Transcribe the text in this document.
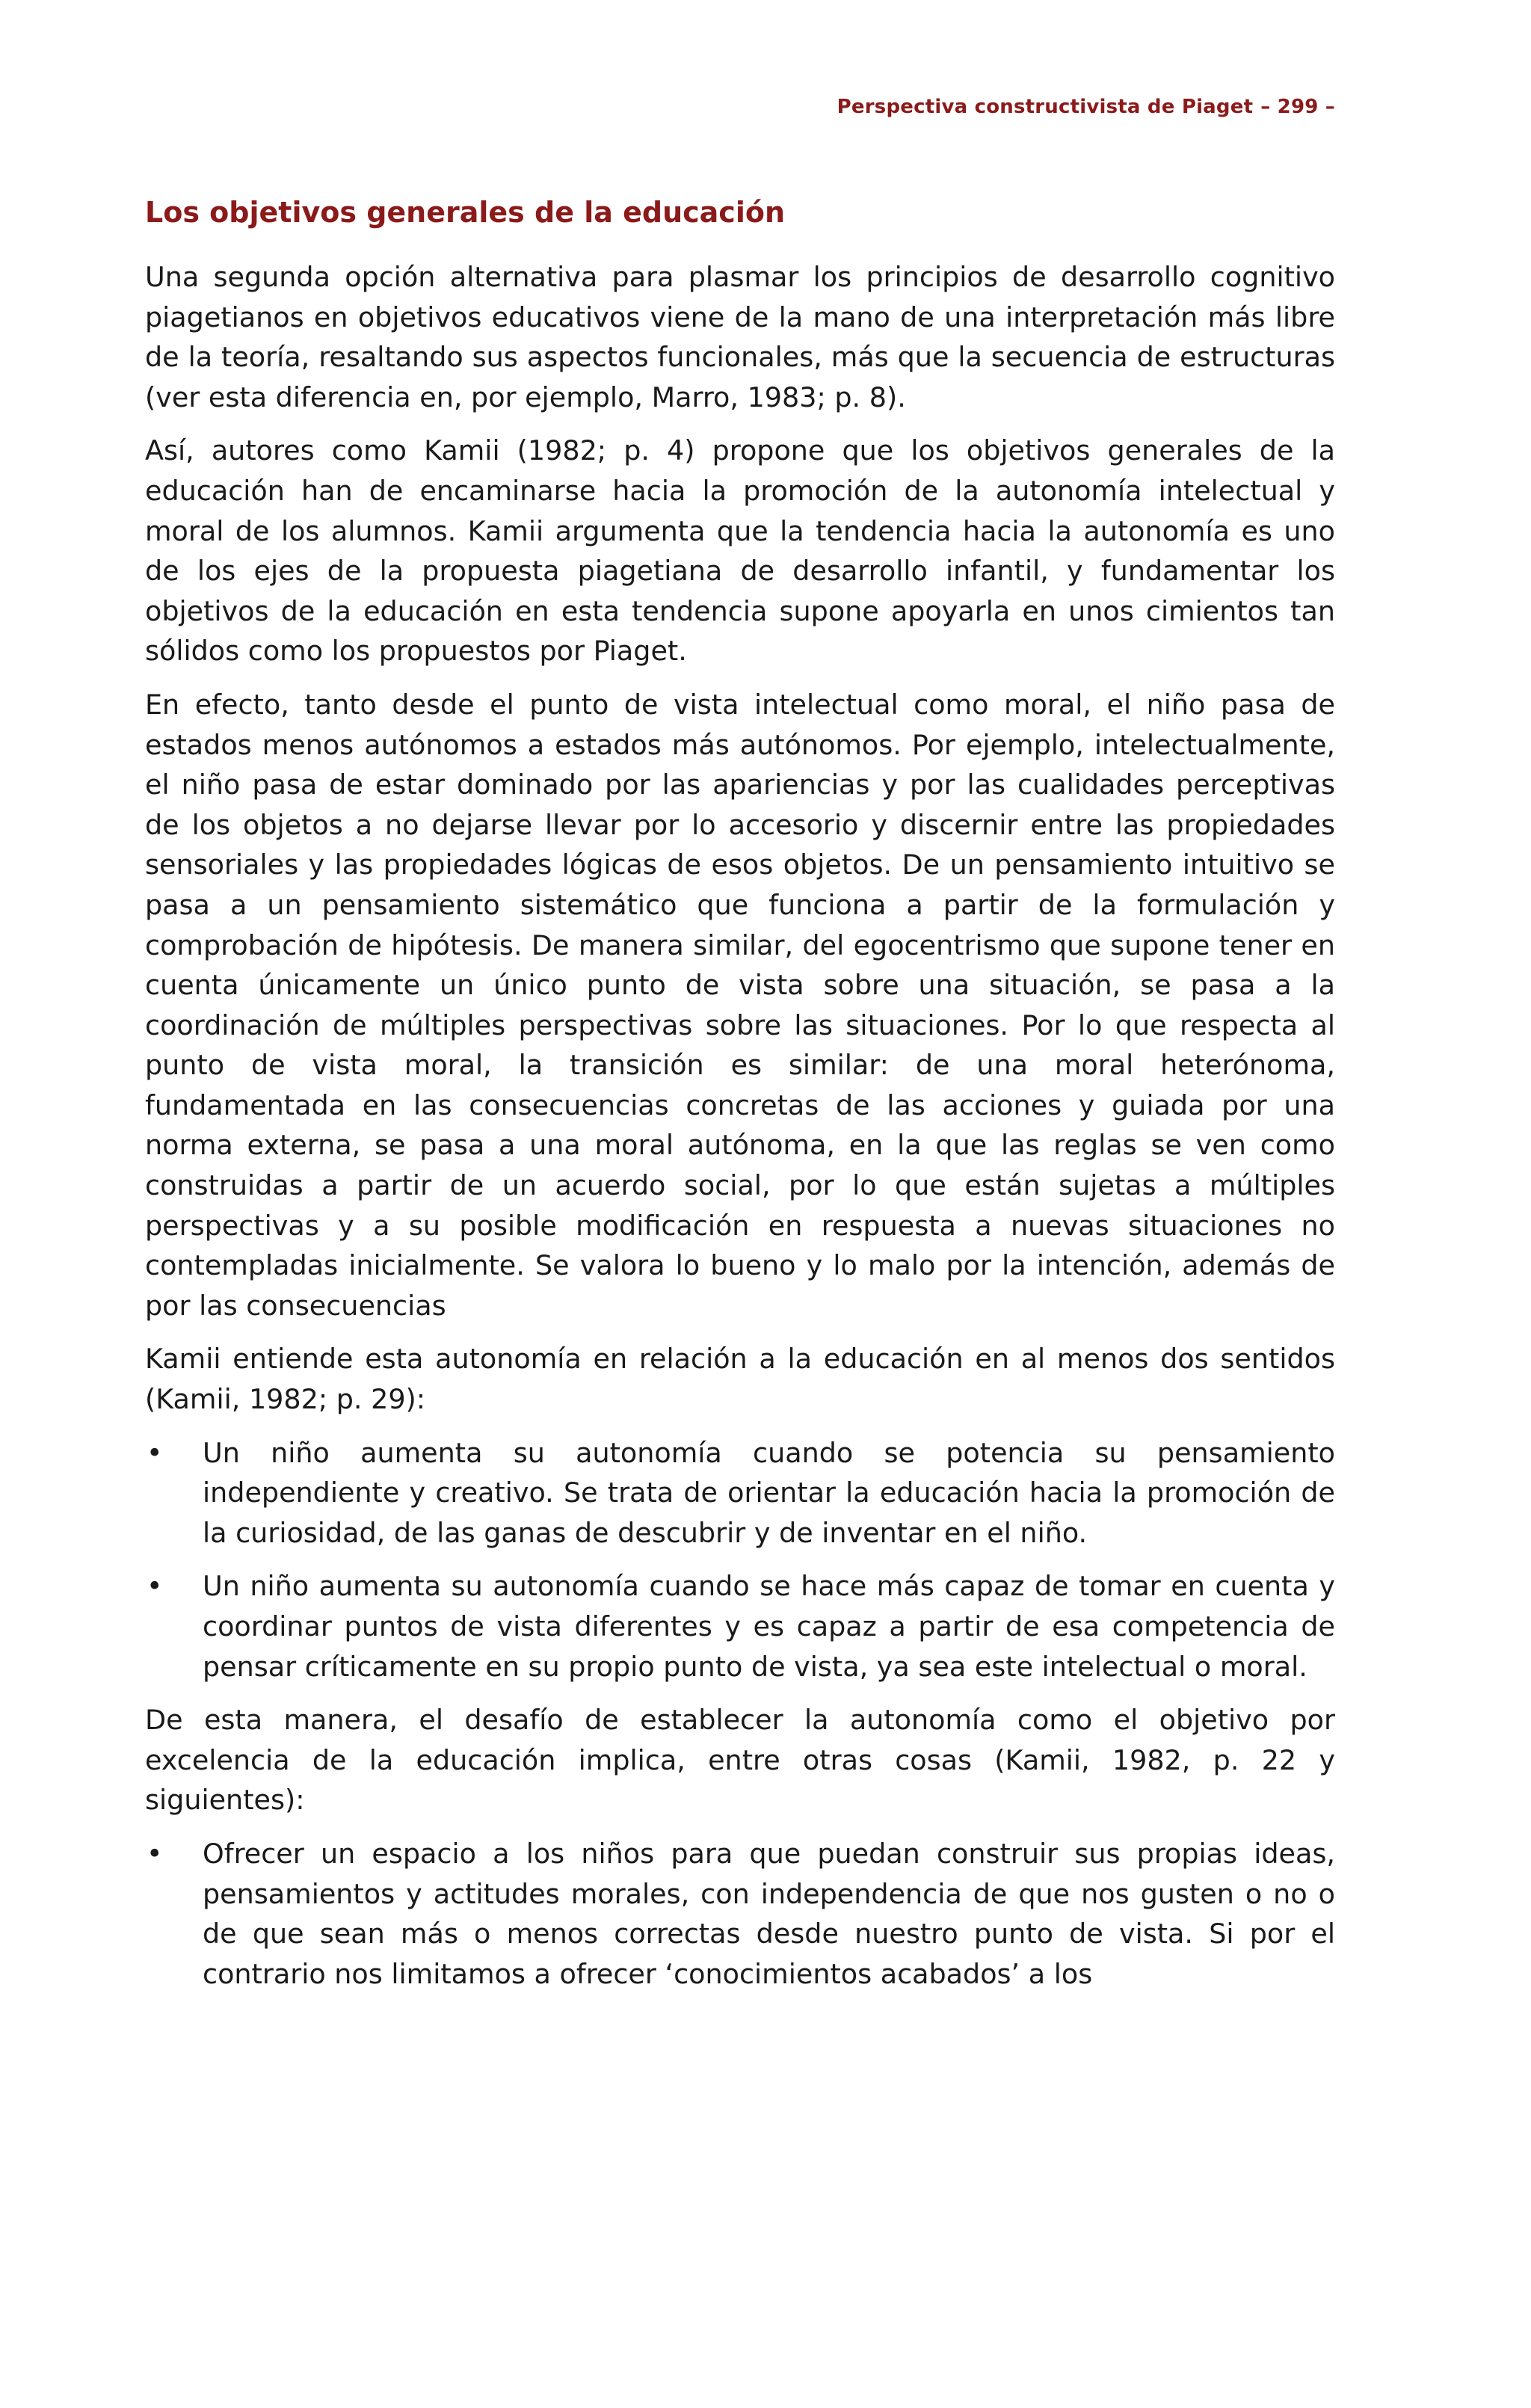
Perspectiva constructivista de Piaget – 299 –
Los objetivos generales de la educación

Una segunda opción alternativa para plasmar los principios de desarrollo cognitivo piagetianos en objetivos educativos viene de la mano de una interpretación más libre de la teoría, resaltando sus aspectos funcionales, más que la secuencia de estructuras (ver esta diferencia en, por ejemplo, Marro, 1983; p. 8).

Así, autores como Kamii (1982; p. 4) propone que los objetivos generales de la educación han de encaminarse hacia la promoción de la autonomía intelectual y moral de los alumnos. Kamii argumenta que la tendencia hacia la autonomía es uno de los ejes de la propuesta piagetiana de desarrollo infantil, y fundamentar los objetivos de la educación en esta tendencia supone apoyarla en unos cimientos tan sólidos como los propuestos por Piaget.

En efecto, tanto desde el punto de vista intelectual como moral, el niño pasa de estados menos autónomos a estados más autónomos. Por ejemplo, intelectualmente, el niño pasa de estar dominado por las apariencias y por las cualidades perceptivas de los objetos a no dejarse llevar por lo accesorio y discernir entre las propiedades sensoriales y las propiedades lógicas de esos objetos. De un pensamiento intuitivo se pasa a un pensamiento sistemático que funciona a partir de la formulación y comprobación de hipótesis. De manera similar, del egocentrismo que supone tener en cuenta únicamente un único punto de vista sobre una situación, se pasa a la coordinación de múltiples perspectivas sobre las situaciones. Por lo que respecta al punto de vista moral, la transición es similar: de una moral heterónoma, fundamentada en las consecuencias concretas de las acciones y guiada por una norma externa, se pasa a una moral autónoma, en la que las reglas se ven como construidas a partir de un acuerdo social, por lo que están sujetas a múltiples perspectivas y a su posible modificación en respuesta a nuevas situaciones no contempladas inicialmente. Se valora lo bueno y lo malo por la intención, además de por las consecuencias

Kamii entiende esta autonomía en relación a la educación en al menos dos sentidos (Kamii, 1982; p. 29):

• Un niño aumenta su autonomía cuando se potencia su pensamiento independiente y creativo. Se trata de orientar la educación hacia la promoción de la curiosidad, de las ganas de descubrir y de inventar en el niño.
• Un niño aumenta su autonomía cuando se hace más capaz de tomar en cuenta y coordinar puntos de vista diferentes y es capaz a partir de esa competencia de pensar críticamente en su propio punto de vista, ya sea este intelectual o moral.

De esta manera, el desafío de establecer la autonomía como el objetivo por excelencia de la educación implica, entre otras cosas (Kamii, 1982, p. 22 y siguientes):

• Ofrecer un espacio a los niños para que puedan construir sus propias ideas, pensamientos y actitudes morales, con independencia de que nos gusten o no o de que sean más o menos correctas desde nuestro punto de vista. Si por el contrario nos limitamos a ofrecer ‘conocimientos acabados’ a los
